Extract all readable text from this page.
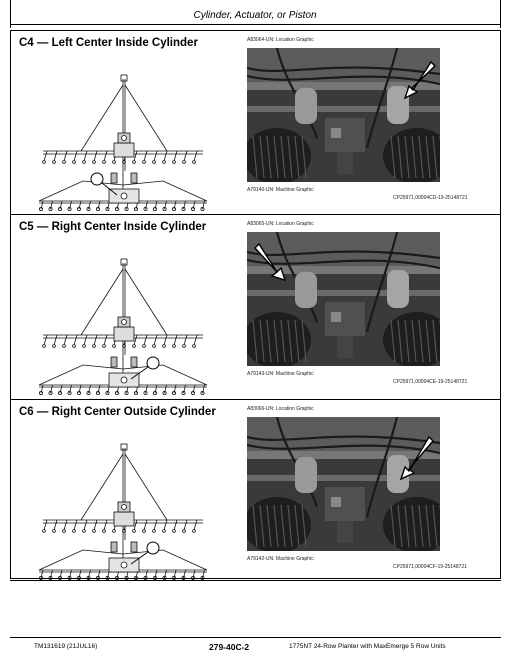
Cylinder, Actuator, or Piston
C4 — Left Center Inside Cylinder	A83064-UN: Location Graphic
A79140-UN: Machine Graphic
CP25971,00004CD-19-25148721
C5 — Right Center Inside Cylinder	A83065-UN: Location Graphic
A79143-UN: Machine Graphic
CP25971,00004CE-19-25148721
C6 — Right Center Outside Cylinder	A83066-UN: Location Graphic
A79142-UN: Machine Graphic
CP25971,00004CF-19-25148721
TM131619 (21JUL16)	279-40C-2	1775NT 24-Row Planter with MaxEmerge 5 Row Units
